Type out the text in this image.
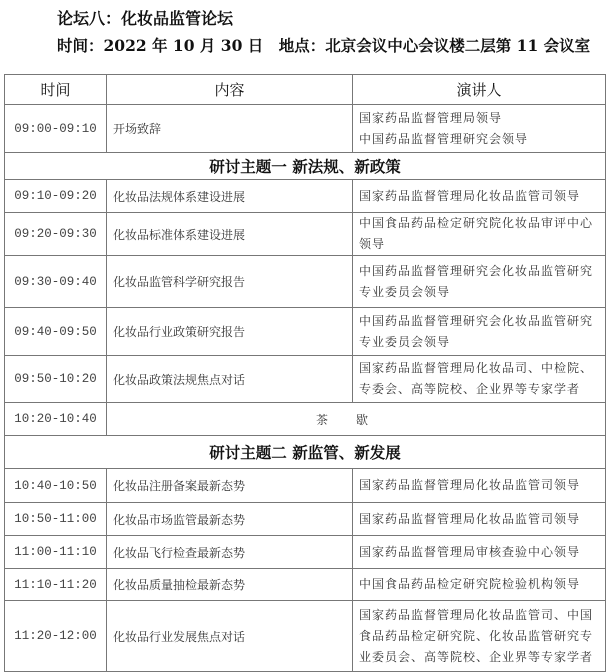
论坛八：化妆品监管论坛
时间：2022 年 10 月 30 日　地点：北京会议中心会议楼二层第 11 会议室
时间	内容	演讲人
09:00-09:10	开场致辞	国家药品监督管理局领导
中国药品监督管理研究会领导
研讨主题一 新法规、新政策		
09:10-09:20	化妆品法规体系建设进展	国家药品监督管理局化妆品监管司领导
09:20-09:30	化妆品标准体系建设进展	中国食品药品检定研究院化妆品审评中心领导
09:30-09:40	化妆品监管科学研究报告	中国药品监督管理研究会化妆品监管研究专业委员会领导
09:40-09:50	化妆品行业政策研究报告	中国药品监督管理研究会化妆品监管研究专业委员会领导
09:50-10:20	化妆品政策法规焦点对话	国家药品监督管理局化妆品司、中检院、专委会、高等院校、企业界等专家学者
10:20-10:40	茶歇	
研讨主题二 新监管、新发展		
10:40-10:50	化妆品注册备案最新态势	国家药品监督管理局化妆品监管司领导
10:50-11:00	化妆品市场监管最新态势	国家药品监督管理局化妆品监管司领导
11:00-11:10	化妆品飞行检查最新态势	国家药品监督管理局审核查验中心领导
11:10-11:20	化妆品质量抽检最新态势	中国食品药品检定研究院检验机构领导
11:20-12:00	化妆品行业发展焦点对话	国家药品监督管理局化妆品监管司、中国食品药品检定研究院、化妆品监管研究专业委员会、高等院校、企业界等专家学者
